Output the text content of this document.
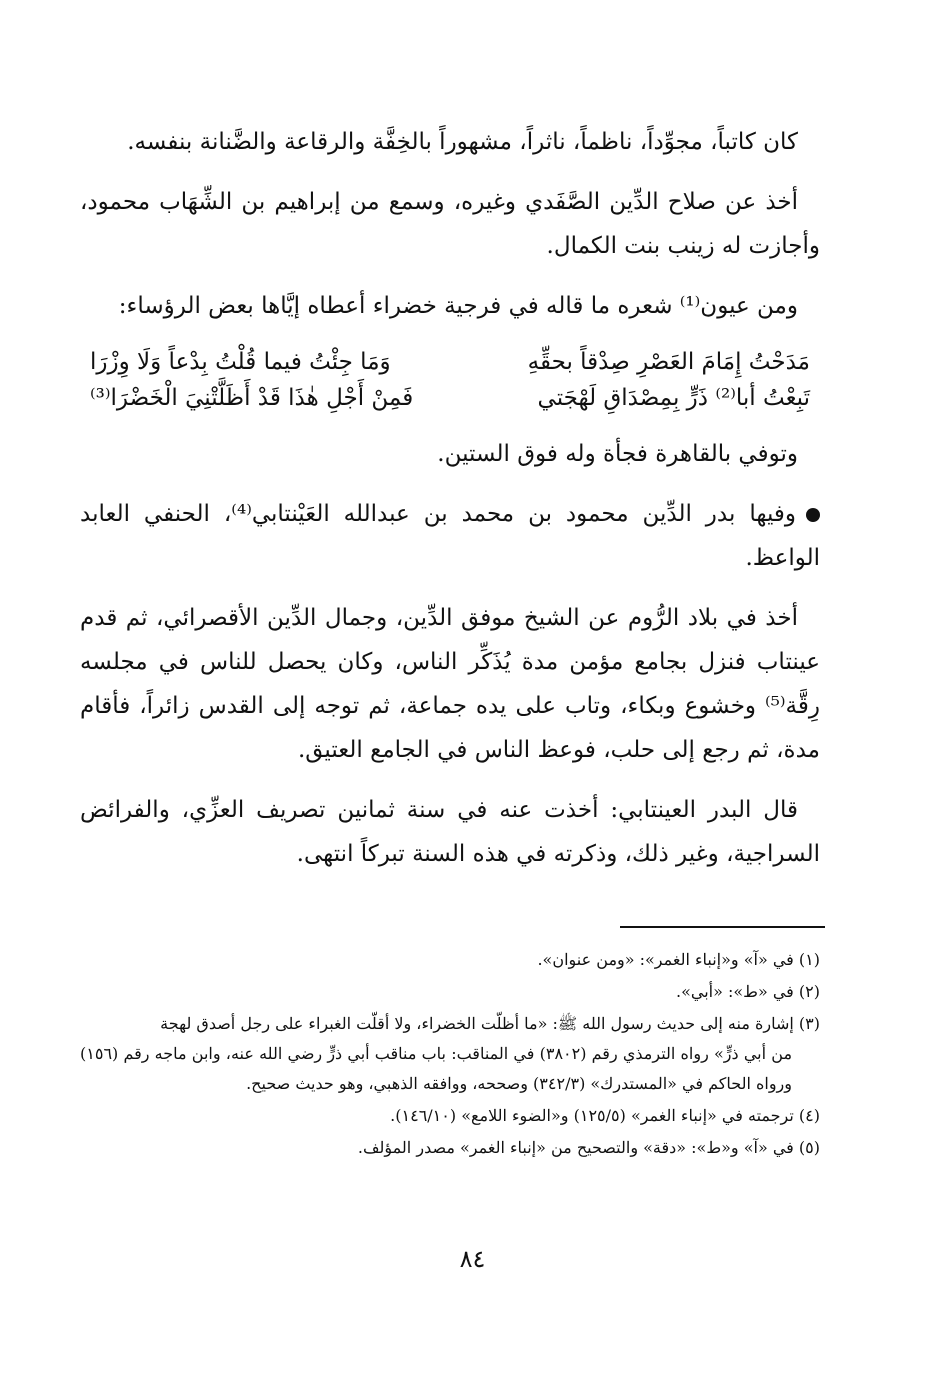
كان كاتباً، مجوِّداً، ناظماً، ناثراً، مشهوراً بالخِفَّة والرقاعة والضَّنانة بنفسه.

أخذ عن صلاح الدِّين الصَّفَدي وغيره، وسمع من إبراهيم بن الشِّهَاب محمود، وأجازت له زينب بنت الكمال.

ومن عيون⁽¹⁾ شعره ما قاله في فرجية خضراء أعطاه إيَّاها بعض الرؤساء:

مَدَحْتُ إِمَامَ العَصْرِ صِدْقاً بحقِّهِ
وَمَا جِئْتُ فيما قُلْتُ بِدْعاً وَلَا وِزْرَا
تَبِعْتُ أبا⁽²⁾ ذَرٍّ بِمِصْدَاقِ لَهْجَتي
فَمِنْ أَجْلِ هٰذَا قَدْ أَظَلَّتْنِيَ الْخَضْرَا⁽³⁾

وتوفي بالقاهرة فجأة وله فوق الستين.

وفيها بدر الدِّين محمود بن محمد بن عبدالله العَيْنتابي⁽⁴⁾، الحنفي العابد الواعظ.

أخذ في بلاد الرُّوم عن الشيخ موفق الدِّين، وجمال الدِّين الأقصرائي، ثم قدم عينتاب فنزل بجامع مؤمن مدة يُذَكِّر الناس، وكان يحصل للناس في مجلسه رِقَّة⁽⁵⁾ وخشوع وبكاء، وتاب على يده جماعة، ثم توجه إلى القدس زائراً، فأقام مدة، ثم رجع إلى حلب، فوعظ الناس في الجامع العتيق.

قال البدر العينتابي: أخذت عنه في سنة ثمانين تصريف العزِّي، والفرائض السراجية، وغير ذلك، وذكرته في هذه السنة تبركاً انتهى.

(١) في «آ» و«إنباء الغمر»: «ومن عنوان».
(٢) في «ط»: «أبي».
(٣) إشارة منه إلى حديث رسول الله ﷺ: «ما أظلّت الخضراء، ولا أقلّت الغبراء على رجل أصدق لهجة
من أبي ذرٍّ» رواه الترمذي رقم (٣٨٠٢) في المناقب: باب مناقب أبي ذرٍّ رضي الله عنه، وابن ماجه رقم (١٥٦) ورواه الحاكم في «المستدرك» (٣٤٢/٣) وصححه، ووافقه الذهبي، وهو حديث صحيح.
(٤) ترجمته في «إنباء الغمر» (١٢٥/٥) و«الضوء اللامع» (١٤٦/١٠).
(٥) في «آ» و«ط»: «دقة» والتصحيح من «إنباء الغمر» مصدر المؤلف.
٨٤
